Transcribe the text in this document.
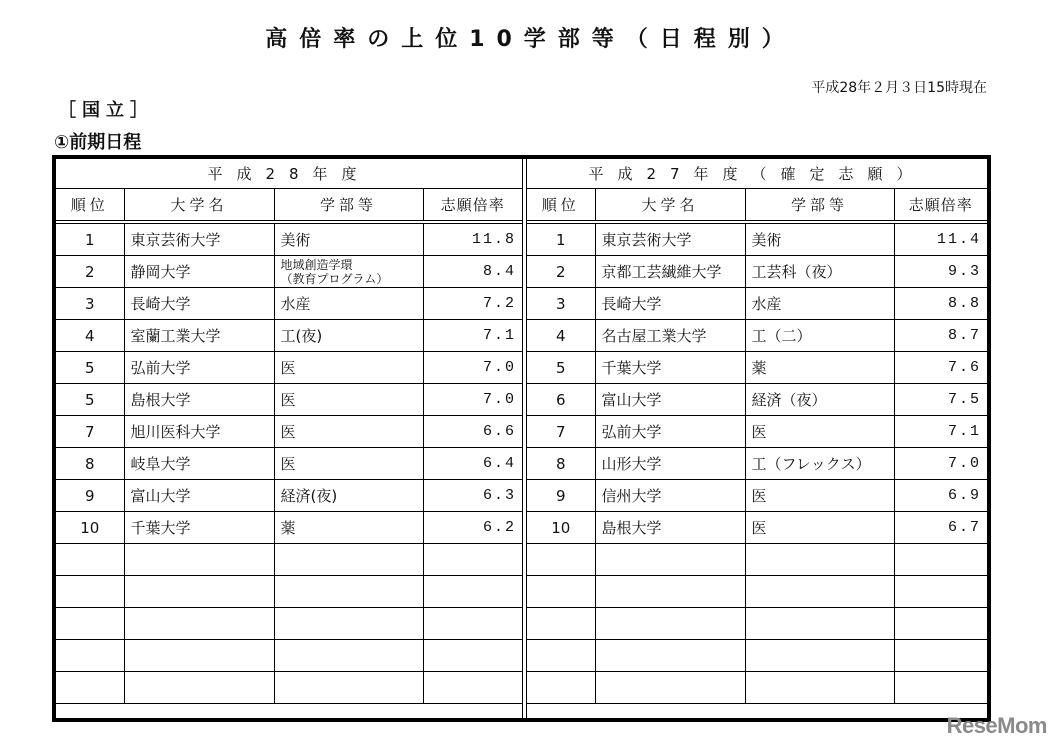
高倍率の上位10学部等（日程別）
平成28年２月３日15時現在
［国立］
①前期日程
平成28年度			
順位	大学名	学部等	志願倍率
1	東京芸術大学	美術	11.8
2	静岡大学	地域創造学環
（教育プログラム）	8.4
3	長崎大学	水産	7.2
4	室蘭工業大学	工(夜)	7.1
5	弘前大学	医	7.0
5	島根大学	医	7.0
7	旭川医科大学	医	6.6
8	岐阜大学	医	6.4
9	富山大学	経済(夜)	6.3
10	千葉大学	薬	6.2

平成27年度（確定志願）			
順位	大学名	学部等	志願倍率
1	東京芸術大学	美術	11.4
2	京都工芸繊維大学	工芸科（夜）	9.3
3	長崎大学	水産	8.8
4	名古屋工業大学	工（二）	8.7
5	千葉大学	薬	7.6
6	富山大学	経済（夜）	7.5
7	弘前大学	医	7.1
8	山形大学	工（フレックス）	7.0
9	信州大学	医	6.9
10	島根大学	医	6.7

ReseMom
